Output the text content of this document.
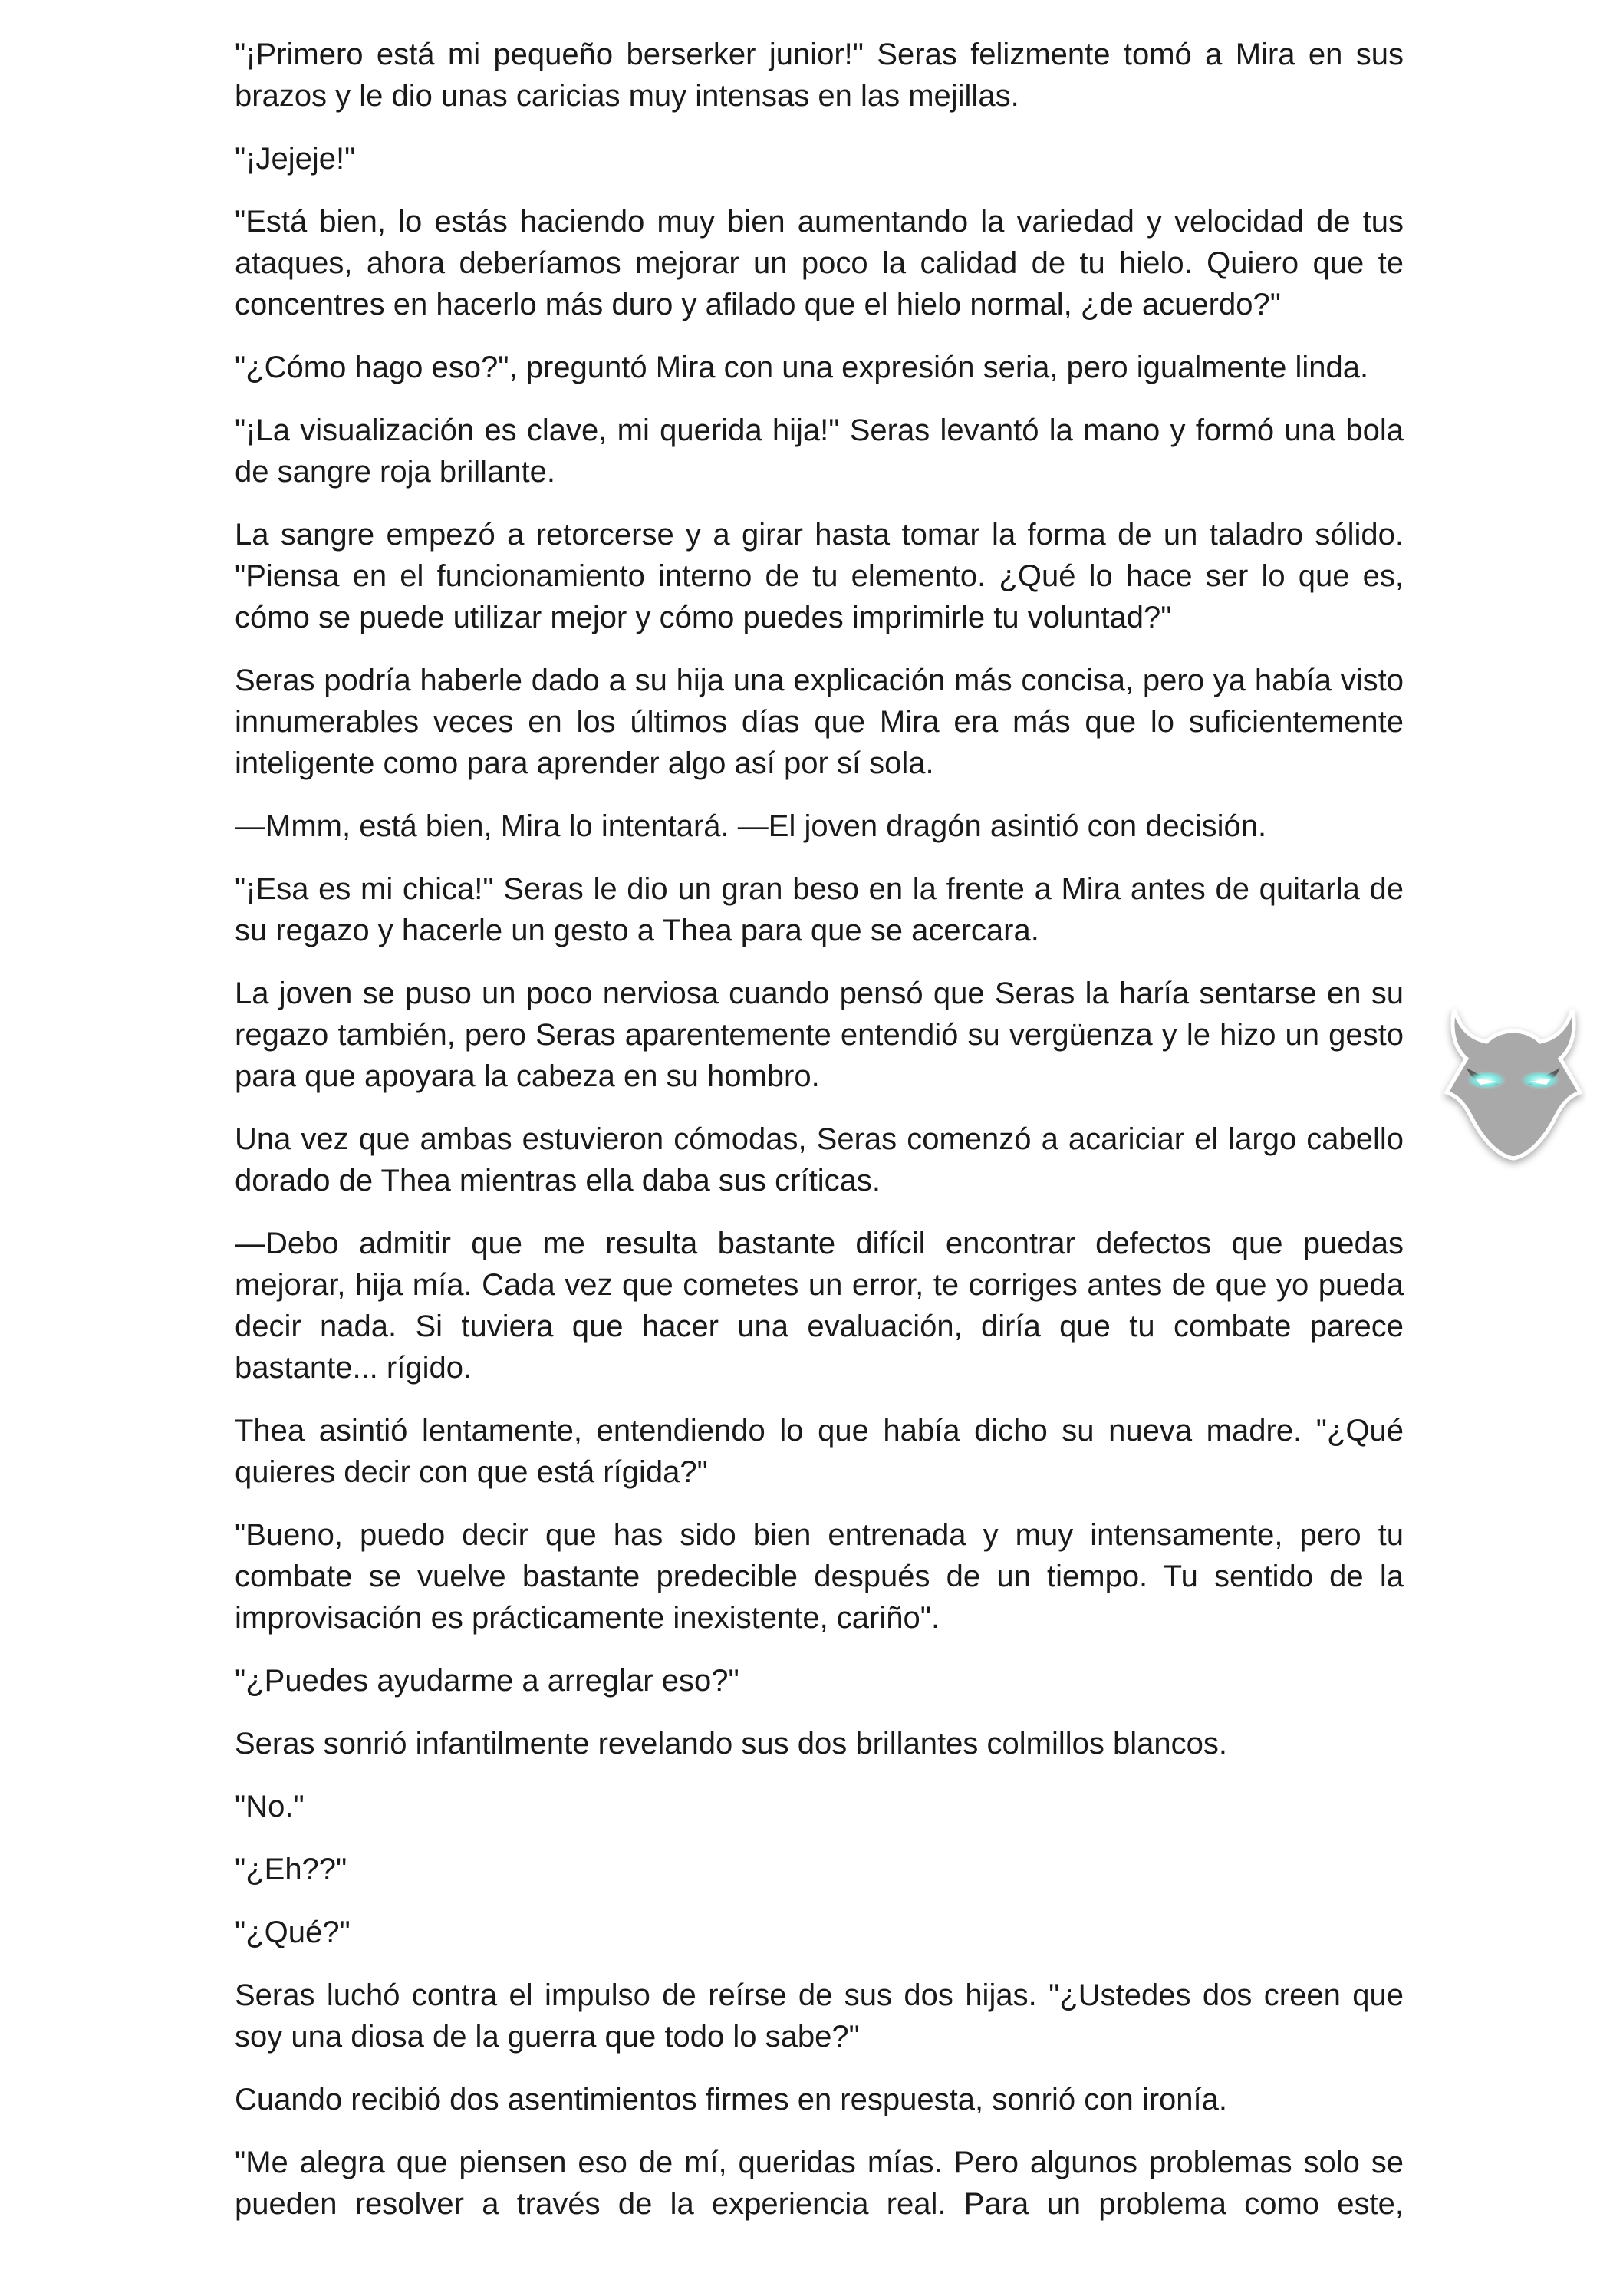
"¡Primero está mi pequeño berserker junior!" Seras felizmente tomó a Mira en sus brazos y le dio unas caricias muy intensas en las mejillas.

"¡Jejeje!"

"Está bien, lo estás haciendo muy bien aumentando la variedad y velocidad de tus ataques, ahora deberíamos mejorar un poco la calidad de tu hielo. Quiero que te concentres en hacerlo más duro y afilado que el hielo normal, ¿de acuerdo?"

"¿Cómo hago eso?", preguntó Mira con una expresión seria, pero igualmente linda.

"¡La visualización es clave, mi querida hija!" Seras levantó la mano y formó una bola de sangre roja brillante.

La sangre empezó a retorcerse y a girar hasta tomar la forma de un taladro sólido. "Piensa en el funcionamiento interno de tu elemento. ¿Qué lo hace ser lo que es, cómo se puede utilizar mejor y cómo puedes imprimirle tu voluntad?"

Seras podría haberle dado a su hija una explicación más concisa, pero ya había visto innumerables veces en los últimos días que Mira era más que lo suficientemente inteligente como para aprender algo así por sí sola.

—Mmm, está bien, Mira lo intentará. —El joven dragón asintió con decisión.

"¡Esa es mi chica!" Seras le dio un gran beso en la frente a Mira antes de quitarla de su regazo y hacerle un gesto a Thea para que se acercara.

La joven se puso un poco nerviosa cuando pensó que Seras la haría sentarse en su regazo también, pero Seras aparentemente entendió su vergüenza y le hizo un gesto para que apoyara la cabeza en su hombro.

Una vez que ambas estuvieron cómodas, Seras comenzó a acariciar el largo cabello dorado de Thea mientras ella daba sus críticas.

—Debo admitir que me resulta bastante difícil encontrar defectos que puedas mejorar, hija mía. Cada vez que cometes un error, te corriges antes de que yo pueda decir nada. Si tuviera que hacer una evaluación, diría que tu combate parece bastante... rígido.

Thea asintió lentamente, entendiendo lo que había dicho su nueva madre. "¿Qué quieres decir con que está rígida?"

"Bueno, puedo decir que has sido bien entrenada y muy intensamente, pero tu combate se vuelve bastante predecible después de un tiempo. Tu sentido de la improvisación es prácticamente inexistente, cariño".

"¿Puedes ayudarme a arreglar eso?"

Seras sonrió infantilmente revelando sus dos brillantes colmillos blancos.

"No."

"¿Eh??"

"¿Qué?"

Seras luchó contra el impulso de reírse de sus dos hijas. "¿Ustedes dos creen que soy una diosa de la guerra que todo lo sabe?"

Cuando recibió dos asentimientos firmes en respuesta, sonrió con ironía.

"Me alegra que piensen eso de mí, queridas mías. Pero algunos problemas solo se pueden resolver a través de la experiencia real. Para un problema como este,
